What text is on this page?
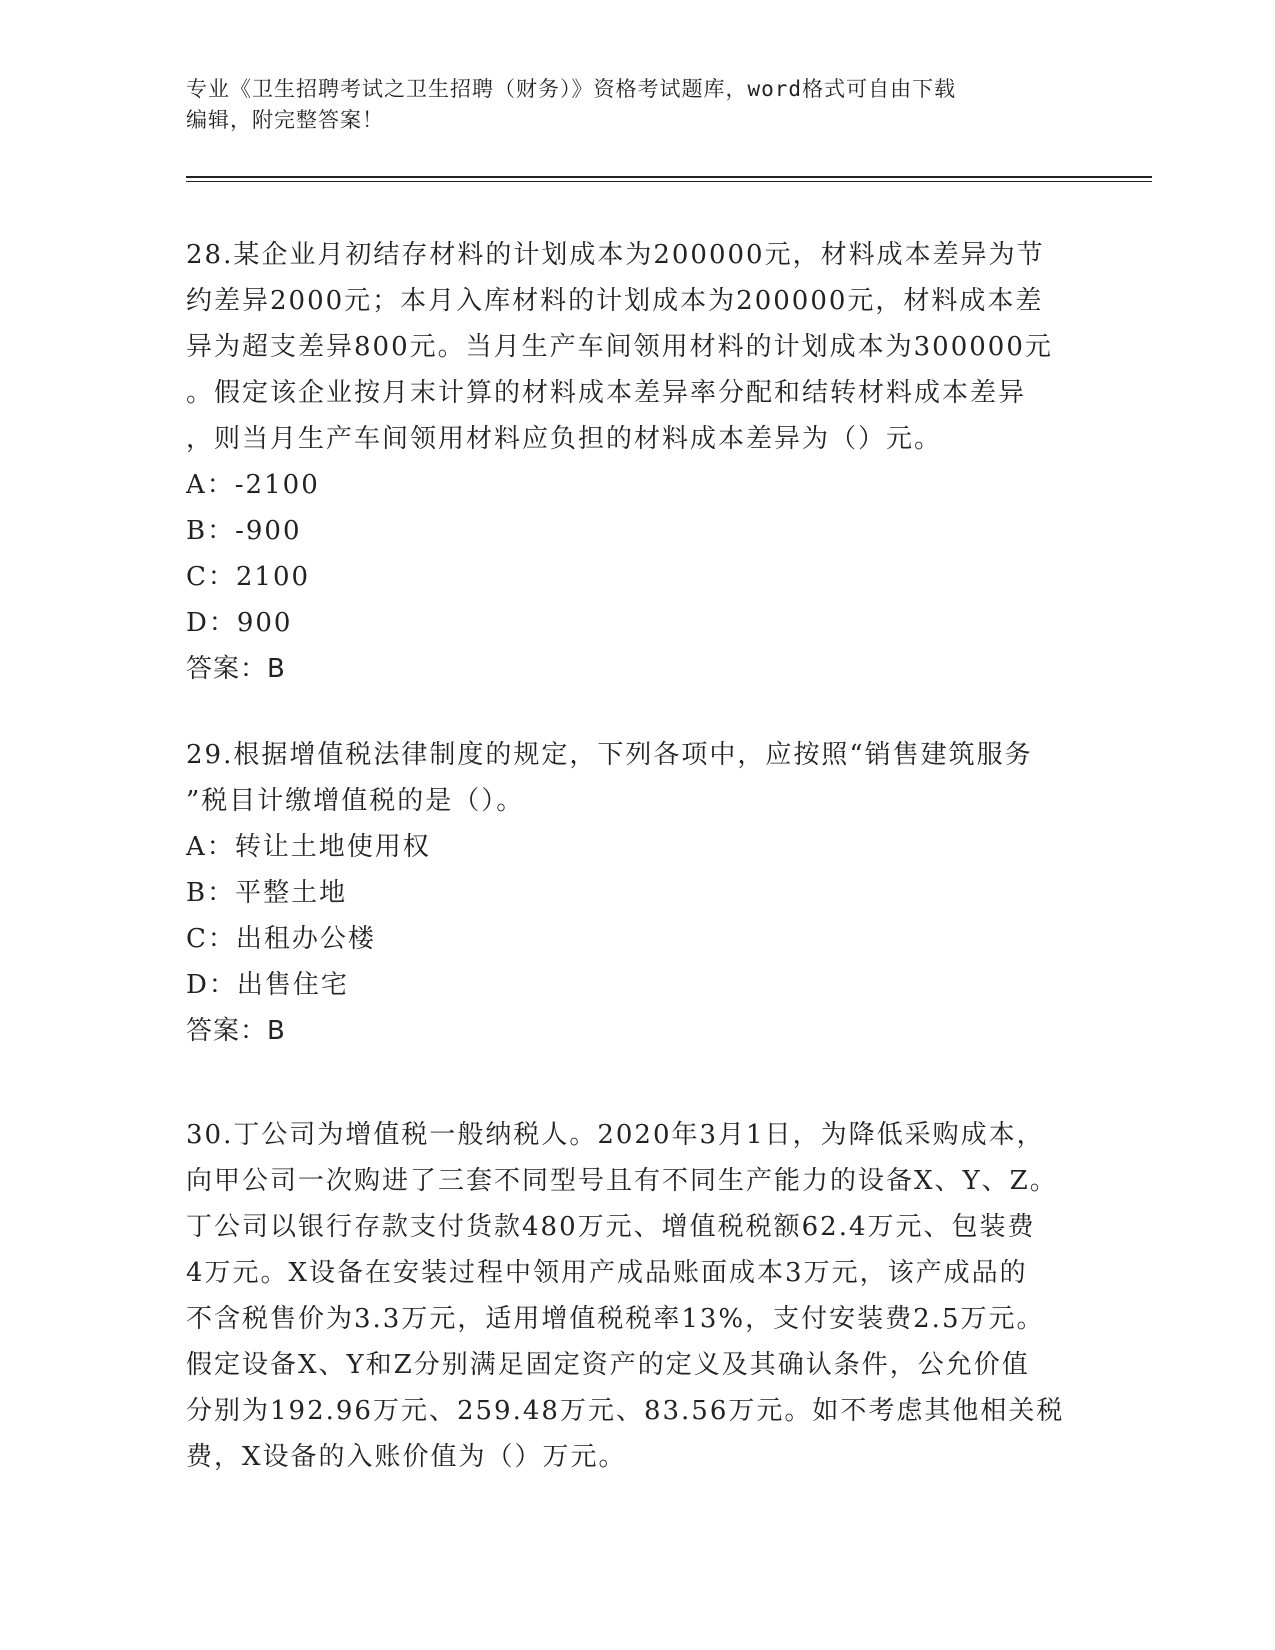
专业《卫生招聘考试之卫生招聘（财务）》资格考试题库，word格式可自由下载
编辑，附完整答案！
28.某企业月初结存材料的计划成本为200000元，材料成本差异为节
约差异2000元；本月入库材料的计划成本为200000元，材料成本差
异为超支差异800元。当月生产车间领用材料的计划成本为300000元
。假定该企业按月末计算的材料成本差异率分配和结转材料成本差异
，则当月生产车间领用材料应负担的材料成本差异为（）元。
A：-2100
B：-900
C：2100
D：900
答案：B
29.根据增值税法律制度的规定，下列各项中，应按照“销售建筑服务
”税目计缴增值税的是（）。
A：转让土地使用权
B：平整土地
C：出租办公楼
D：出售住宅
答案：B
30.丁公司为增值税一般纳税人。2020年3月1日，为降低采购成本，
向甲公司一次购进了三套不同型号且有不同生产能力的设备X、Y、Z。
丁公司以银行存款支付货款480万元、增值税税额62.4万元、包装费
4万元。X设备在安装过程中领用产成品账面成本3万元，该产成品的
不含税售价为3.3万元，适用增值税税率13%，支付安装费2.5万元。
假定设备X、Y和Z分别满足固定资产的定义及其确认条件，公允价值
分别为192.96万元、259.48万元、83.56万元。如不考虑其他相关税
费，X设备的入账价值为（）万元。
